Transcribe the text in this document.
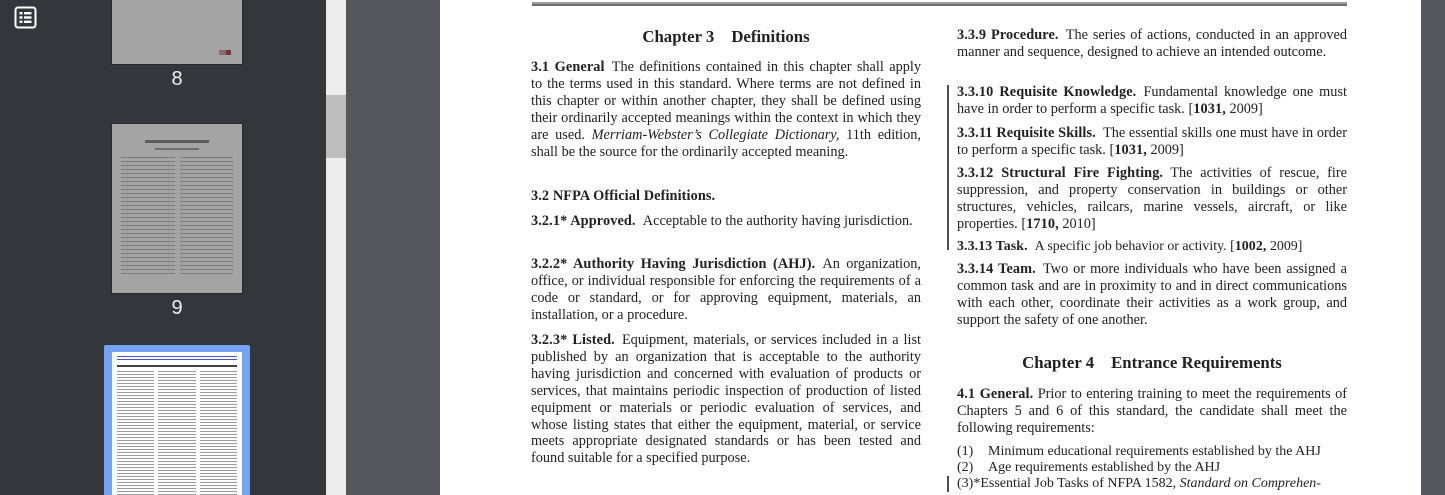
8
9
Chapter 3 Definitions

3.1 General The definitions contained in this chapter shall apply to the terms used in this standard. Where terms are not defined in this chapter or within another chapter, they shall be defined using their ordinarily accepted meanings within the context in which they are used. Merriam-Webster’s Collegiate Dictionary, 11th edition, shall be the source for the ordinarily accepted meaning.

3.2 NFPA Official Definitions.

3.2.1* Approved. Acceptable to the authority having jurisdiction.

3.2.2* Authority Having Jurisdiction (AHJ). An organization, office, or individual responsible for enforcing the requirements of a code or standard, or for approving equipment, materials, an installation, or a procedure.

3.2.3* Listed. Equipment, materials, or services included in a list published by an organization that is acceptable to the authority having jurisdiction and concerned with evaluation of products or services, that maintains periodic inspection of production of listed equipment or materials or periodic evaluation of services, and whose listing states that either the equipment, material, or service meets appropriate designated standards or has been tested and found suitable for a specified purpose.

3.3.9 Procedure. The series of actions, conducted in an approved manner and sequence, designed to achieve an intended outcome.

3.3.10 Requisite Knowledge. Fundamental knowledge one must have in order to perform a specific task. [1031, 2009]

3.3.11 Requisite Skills. The essential skills one must have in order to perform a specific task. [1031, 2009]

3.3.12 Structural Fire Fighting. The activities of rescue, fire suppression, and property conservation in buildings or other structures, vehicles, railcars, marine vessels, aircraft, or like properties. [1710, 2010]

3.3.13 Task. A specific job behavior or activity. [1002, 2009]

3.3.14 Team. Two or more individuals who have been assigned a common task and are in proximity to and in direct communications with each other, coordinate their activities as a work group, and support the safety of one another.

Chapter 4 Entrance Requirements

4.1 General. Prior to entering training to meet the requirements of Chapters 5 and 6 of this standard, the candidate shall meet the following requirements:

(1) Minimum educational requirements established by the AHJ

(2) Age requirements established by the AHJ

(3)*Essential Job Tasks of NFPA 1582, Standard on Comprehen-
